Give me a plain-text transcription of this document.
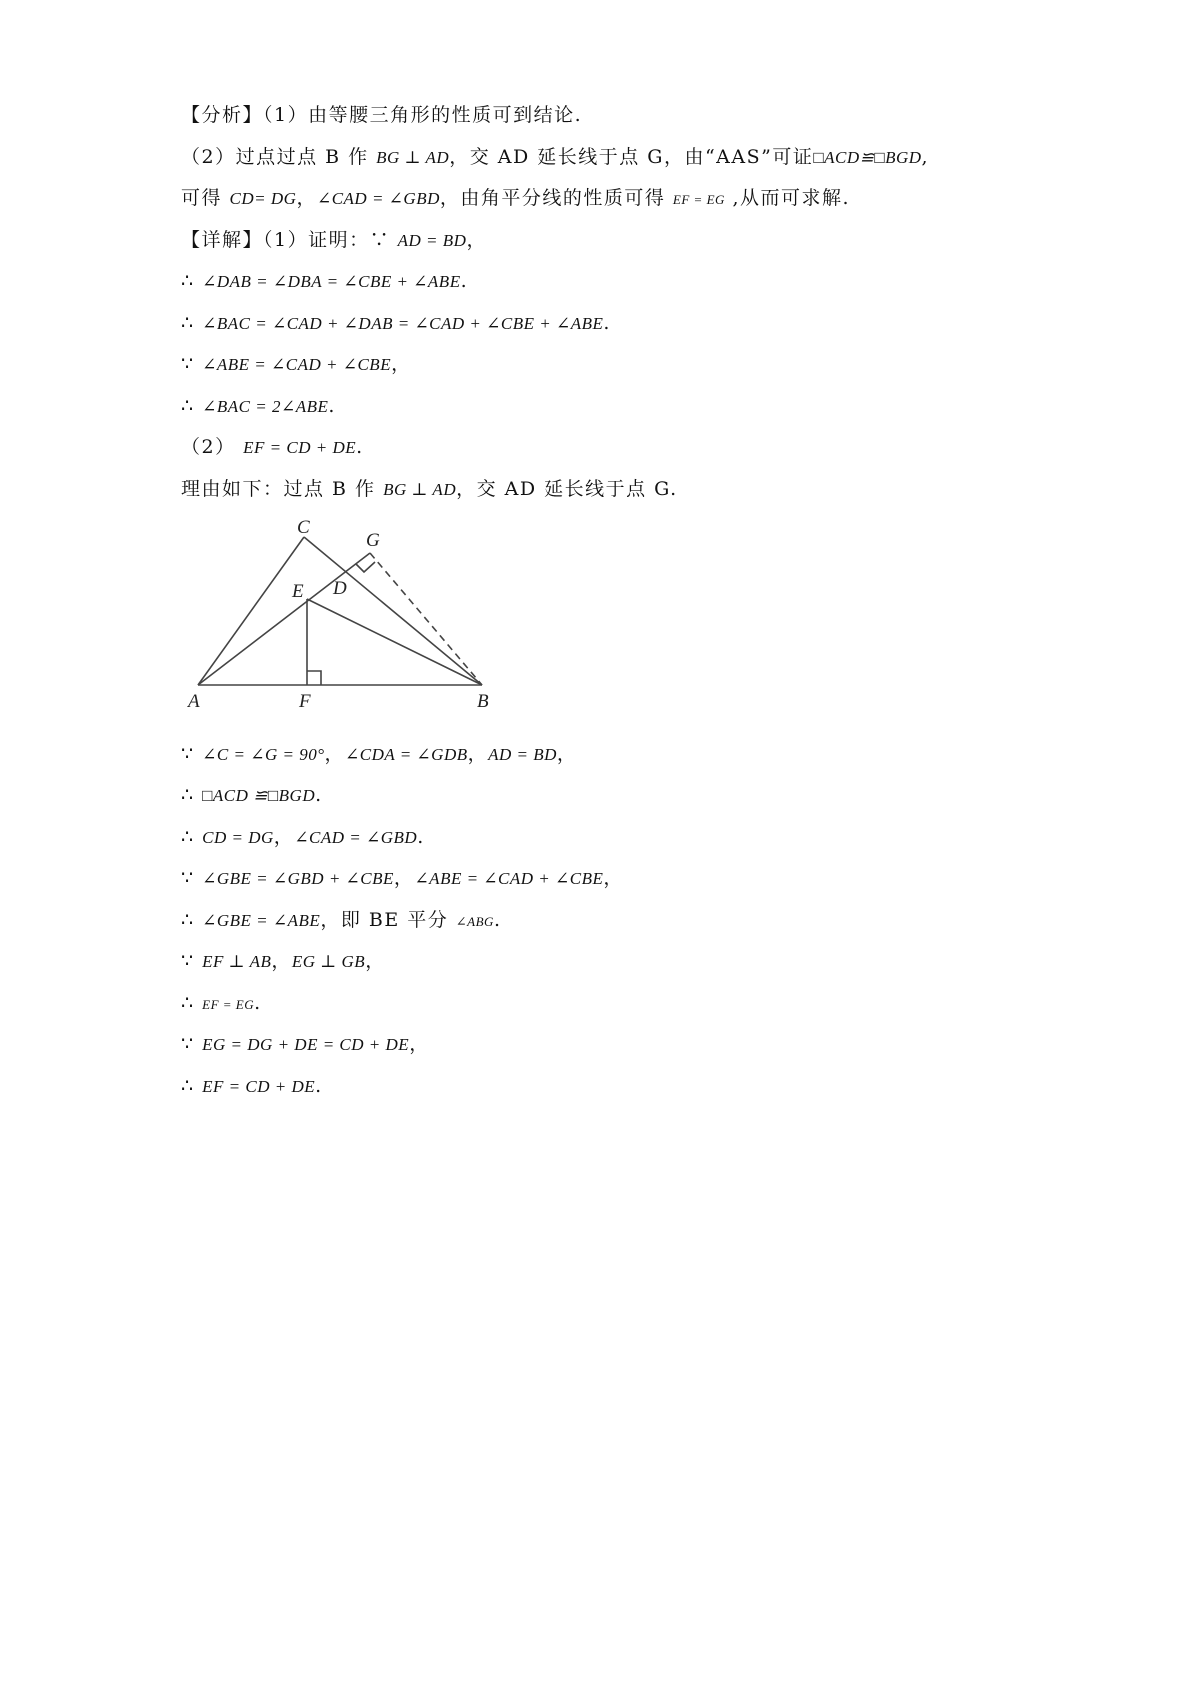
【分析】（1）由等腰三角形的性质可到结论.
（2）过点过点 B 作 BG ⊥ AD，交 AD 延长线于点 G，由“AAS”可证□ACD≌□BGD,
可得 CD= DG，∠CAD = ∠GBD，由角平分线的性质可得 EF = EG ,从而可求解.
【详解】（1）证明：∵ AD = BD，
∴ ∠DAB = ∠DBA = ∠CBE + ∠ABE.
∴ ∠BAC = ∠CAD + ∠DAB = ∠CAD + ∠CBE + ∠ABE.
∵ ∠ABE = ∠CAD + ∠CBE，
∴ ∠BAC = 2∠ABE.
（2） EF = CD + DE.
理由如下：过点 B 作 BG ⊥ AD，交 AD 延长线于点 G.
∵ ∠C = ∠G = 90°，∠CDA = ∠GDB，AD = BD，
∴ □ACD ≌□BGD.
∴ CD = DG，∠CAD = ∠GBD.
∵ ∠GBE = ∠GBD + ∠CBE，∠ABE = ∠CAD + ∠CBE，
∴ ∠GBE = ∠ABE，即 BE 平分 ∠ABG.
∵ EF ⊥ AB，EG ⊥ GB，
∴ EF = EG.
∵ EG = DG + DE = CD + DE，
∴ EF = CD + DE.
C
G
E D
A	F	B
